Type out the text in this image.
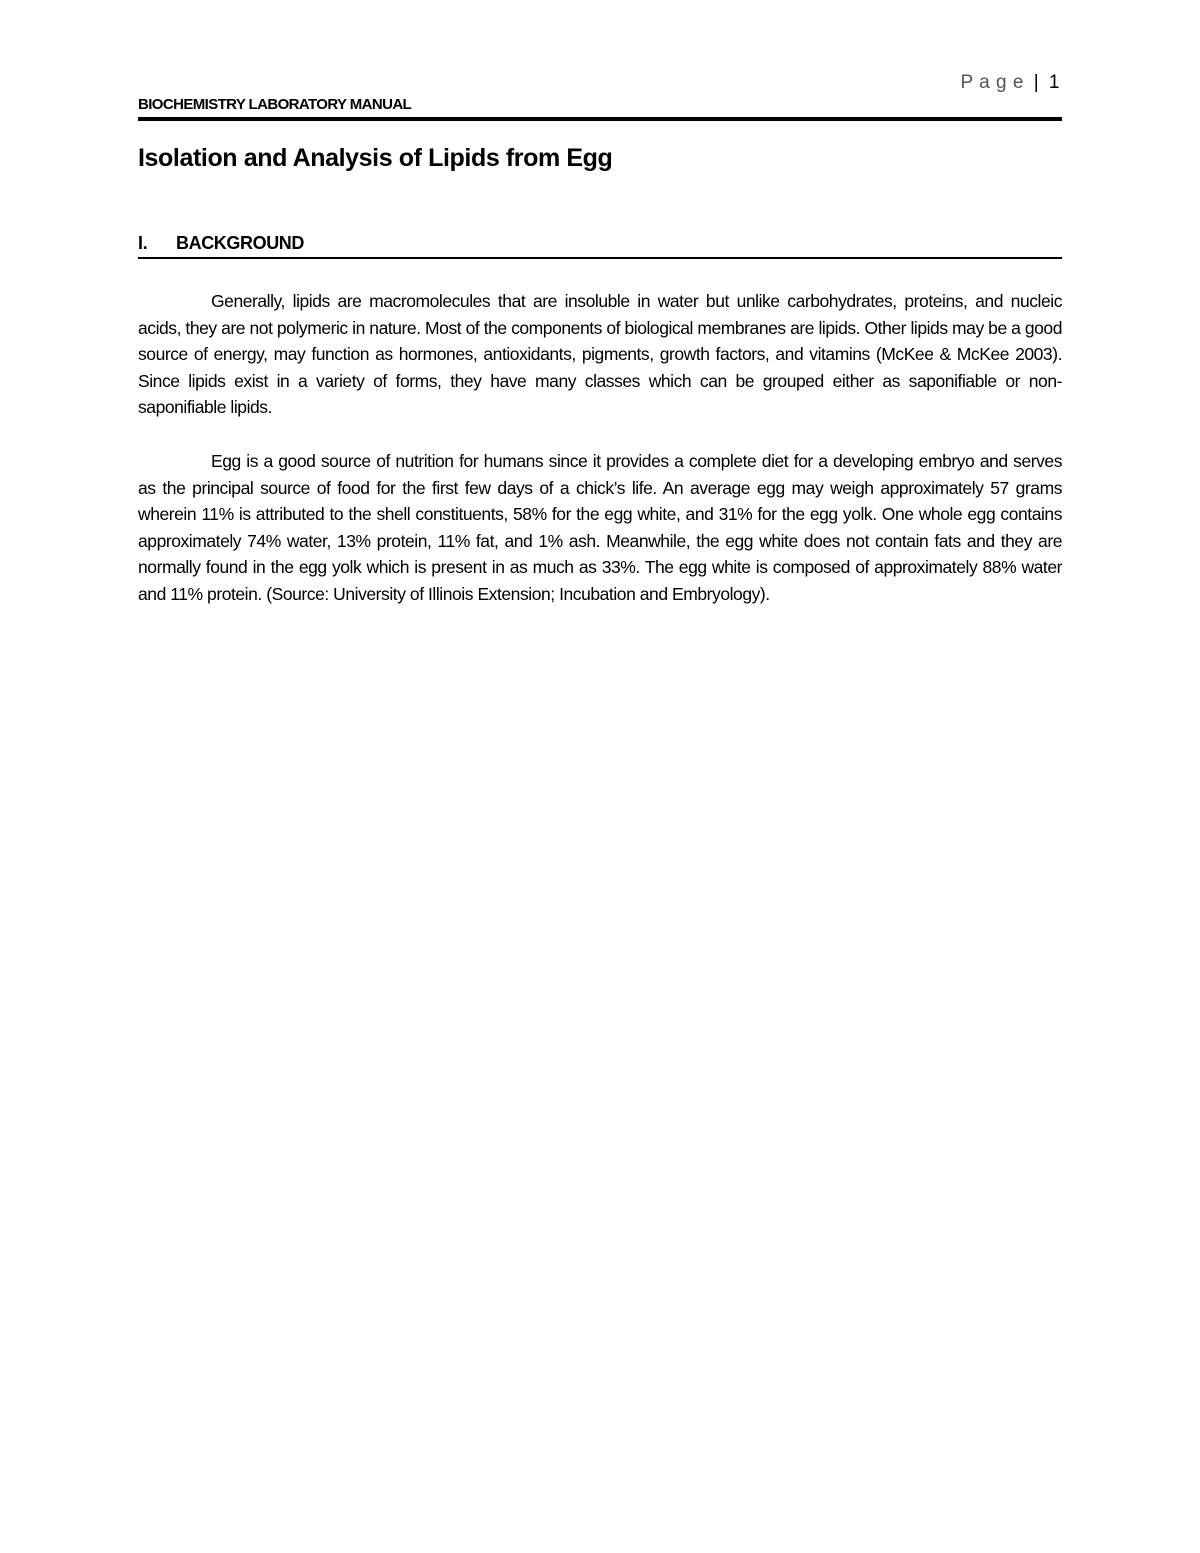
P a g e | 1
BIOCHEMISTRY LABORATORY MANUAL
Isolation and Analysis of Lipids from Egg
I. BACKGROUND

Generally, lipids are macromolecules that are insoluble in water but unlike carbohydrates, proteins, and nucleic acids, they are not polymeric in nature. Most of the components of biological membranes are lipids. Other lipids may be a good source of energy, may function as hormones, antioxidants, pigments, growth factors, and vitamins (McKee & McKee 2003). Since lipids exist in a variety of forms, they have many classes which can be grouped either as saponifiable or non-saponifiable lipids.

Egg is a good source of nutrition for humans since it provides a complete diet for a developing embryo and serves as the principal source of food for the first few days of a chick’s life. An average egg may weigh approximately 57 grams wherein 11% is attributed to the shell constituents, 58% for the egg white, and 31% for the egg yolk. One whole egg contains approximately 74% water, 13% protein, 11% fat, and 1% ash. Meanwhile, the egg white does not contain fats and they are normally found in the egg yolk which is present in as much as 33%. The egg white is composed of approximately 88% water and 11% protein. (Source: University of Illinois Extension; Incubation and Embryology).
